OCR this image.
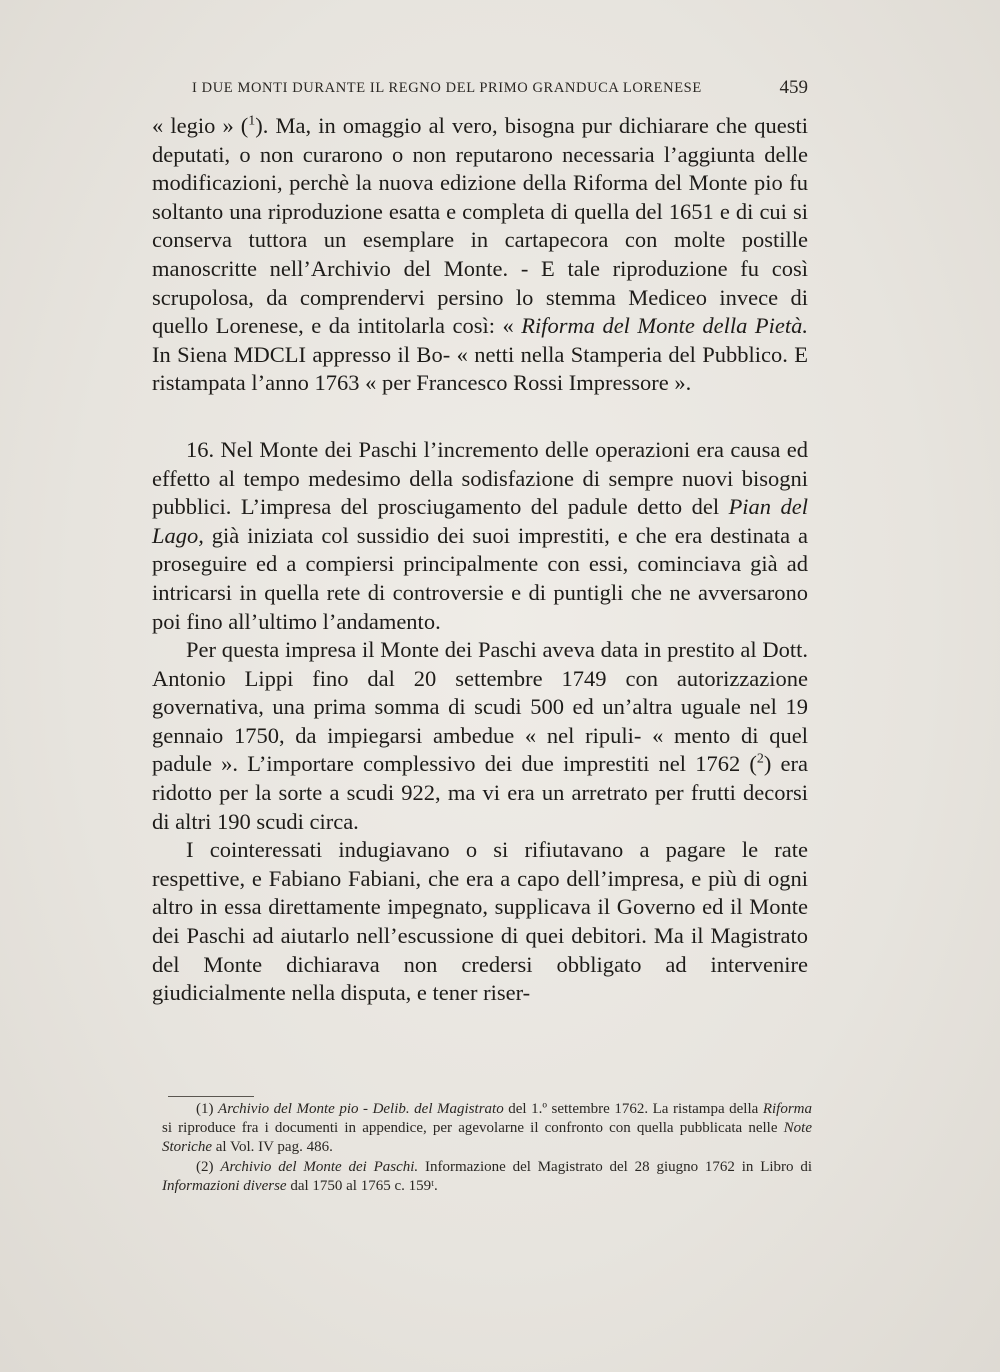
I DUE MONTI DURANTE IL REGNO DEL PRIMO GRANDUCA LORENESE	459

« legio » ($^1$). Ma, in omaggio al vero, bisogna pur dichiarare che questi deputati, o non curarono o non reputarono necessaria l’aggiunta delle modificazioni, perchè la nuova edizione della Riforma del Monte pio fu soltanto una riproduzione esatta e completa di quella del 1651 e di cui si conserva tuttora un esemplare in cartapecora con molte postille manoscritte nell’Archivio del Monte. - E tale riproduzione fu così scrupolosa, da comprendervi persino lo stemma Mediceo invece di quello Lorenese, e da intitolarla così: « Riforma del Monte della Pietà. In Siena MDCLI appresso il Bo- « netti nella Stamperia del Pubblico. E ristampata l’anno 1763 « per Francesco Rossi Impressore ».

16. Nel Monte dei Paschi l’incremento delle operazioni era causa ed effetto al tempo medesimo della sodisfazione di sempre nuovi bisogni pubblici. L’impresa del prosciugamento del padule detto del Pian del Lago, già iniziata col sussidio dei suoi imprestiti, e che era destinata a proseguire ed a compiersi principalmente con essi, cominciava già ad intricarsi in quella rete di controversie e di puntigli che ne avversarono poi fino all’ultimo l’andamento.

Per questa impresa il Monte dei Paschi aveva data in prestito al Dott. Antonio Lippi fino dal 20 settembre 1749 con autorizzazione governativa, una prima somma di scudi 500 ed un’altra uguale nel 19 gennaio 1750, da impiegarsi ambedue « nel ripuli- « mento di quel padule ». L’importare complessivo dei due imprestiti nel 1762 ($^2$) era ridotto per la sorte a scudi 922, ma vi era un arretrato per frutti decorsi di altri 190 scudi circa.

I cointeressati indugiavano o si rifiutavano a pagare le rate respettive, e Fabiano Fabiani, che era a capo dell’impresa, e più di ogni altro in essa direttamente impegnato, supplicava il Governo ed il Monte dei Paschi ad aiutarlo nell’escussione di quei debitori. Ma il Magistrato del Monte dichiarava non credersi obbligato ad intervenire giudicialmente nella disputa, e tener riser-

(1) Archivio del Monte pio - Delib. del Magistrato del 1.º settembre 1762. La ristampa della Riforma si riproduce fra i documenti in appendice, per agevolarne il confronto con quella pubblicata nelle Note Storiche al Vol. IV pag. 486.

(2) Archivio del Monte dei Paschi. Informazione del Magistrato del 28 giugno 1762 in Libro di Informazioni diverse dal 1750 al 1765 c. 159ᵗ.
